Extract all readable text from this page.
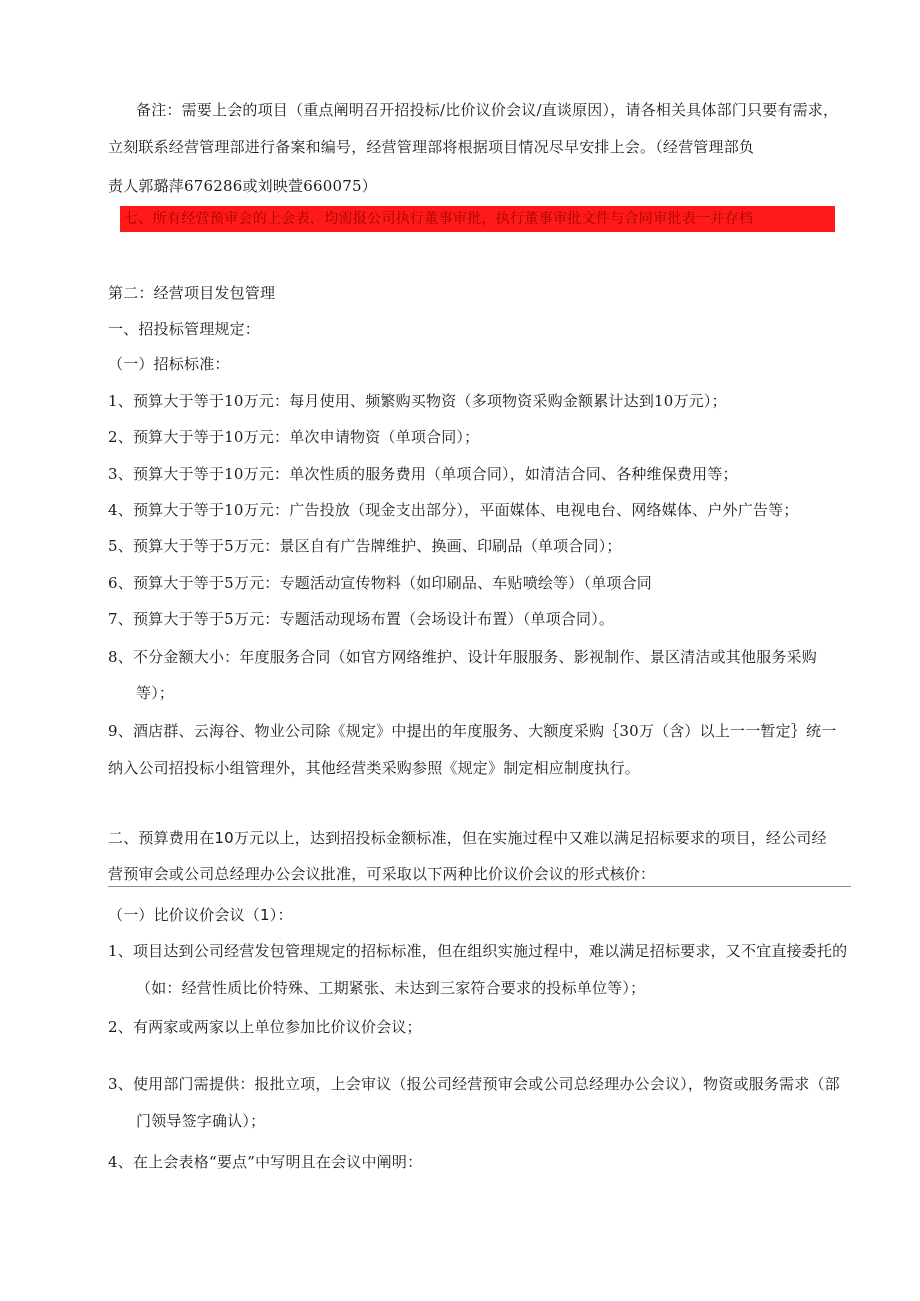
备注：需要上会的项目（重点阐明召开招投标/比价议价会议/直谈原因），请各相关具体部门只要有需求，
立刻联系经营管理部进行备案和编号，经营管理部将根据项目情况尽早安排上会。（经营管理部负
责人郭璐萍676286或刘映萱660075）
七、所有经营预审会的上会表，均需报公司执行董事审批，执行董事审批文件与合同审批表一并存档
第二：经营项目发包管理
一、招投标管理规定：
（一）招标标准：
1、预算大于等于10万元：每月使用、频繁购买物资（多项物资采购金额累计达到10万元）；
2、预算大于等于10万元：单次申请物资（单项合同）；
3、预算大于等于10万元：单次性质的服务费用（单项合同），如清洁合同、各种维保费用等；
4、预算大于等于10万元：广告投放（现金支出部分），平面媒体、电视电台、网络媒体、户外广告等；
5、预算大于等于5万元：景区自有广告牌维护、换画、印刷品（单项合同）；
6、预算大于等于5万元：专题活动宣传物料（如印刷品、车贴喷绘等）（单项合同
7、预算大于等于5万元：专题活动现场布置（会场设计布置）（单项合同）。
8、不分金额大小：年度服务合同（如官方网络维护、设计年服服务、影视制作、景区清洁或其他服务采购
等）；
9、酒店群、云海谷、物业公司除《规定》中提出的年度服务、大额度采购｛30万（含）以上一一暂定｝统一
纳入公司招投标小组管理外，其他经营类采购参照《规定》制定相应制度执行。
二、预算费用在10万元以上，达到招投标金额标准，但在实施过程中又难以满足招标要求的项目，经公司经
营预审会或公司总经理办公会议批准，可采取以下两种比价议价会议的形式核价：
（一）比价议价会议（1）：
1、项目达到公司经营发包管理规定的招标标准，但在组织实施过程中，难以满足招标要求，又不宜直接委托的
（如：经营性质比价特殊、工期紧张、未达到三家符合要求的投标单位等）；
2、有两家或两家以上单位参加比价议价会议；
3、使用部门需提供：报批立项，上会审议（报公司经营预审会或公司总经理办公会议），物资或服务需求（部
门领导签字确认）；
4、在上会表格“要点”中写明且在会议中阐明：
